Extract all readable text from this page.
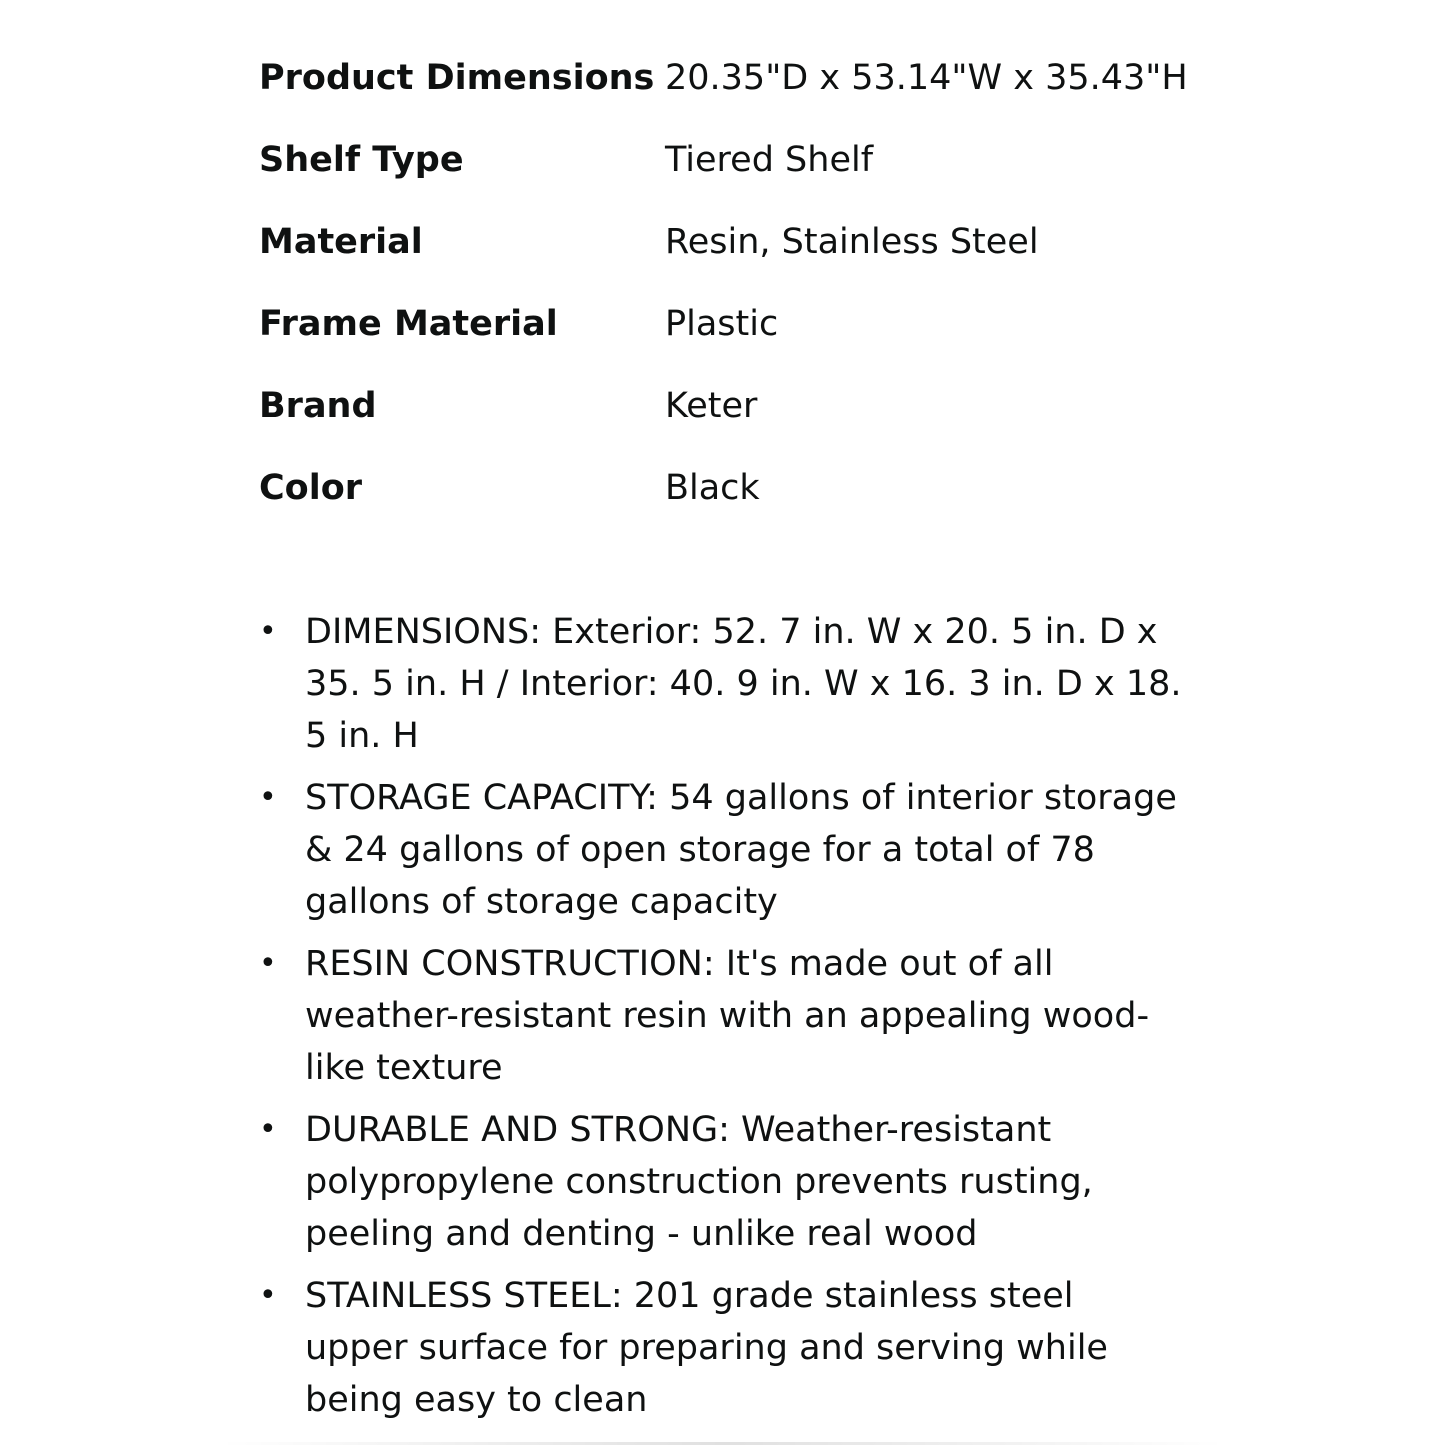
Product Dimensions 20.35"D x 53.14"W x 35.43"H
Shelf Type	Tiered Shelf
Material	Resin, Stainless Steel
Frame Material	Plastic
Brand	Keter
Color	Black
• DIMENSIONS: Exterior: 52. 7 in. W x 20. 5 in. D x 35. 5 in. H / Interior: 40. 9 in. W x 16. 3 in. D x 18. 5 in. H
• STORAGE CAPACITY: 54 gallons of interior storage & 24 gallons of open storage for a total of 78 gallons of storage capacity
• RESIN CONSTRUCTION: It's made out of all weather-resistant resin with an appealing wood-like texture
• DURABLE AND STRONG: Weather-resistant polypropylene construction prevents rusting, peeling and denting - unlike real wood
• STAINLESS STEEL: 201 grade stainless steel upper surface for preparing and serving while being easy to clean
